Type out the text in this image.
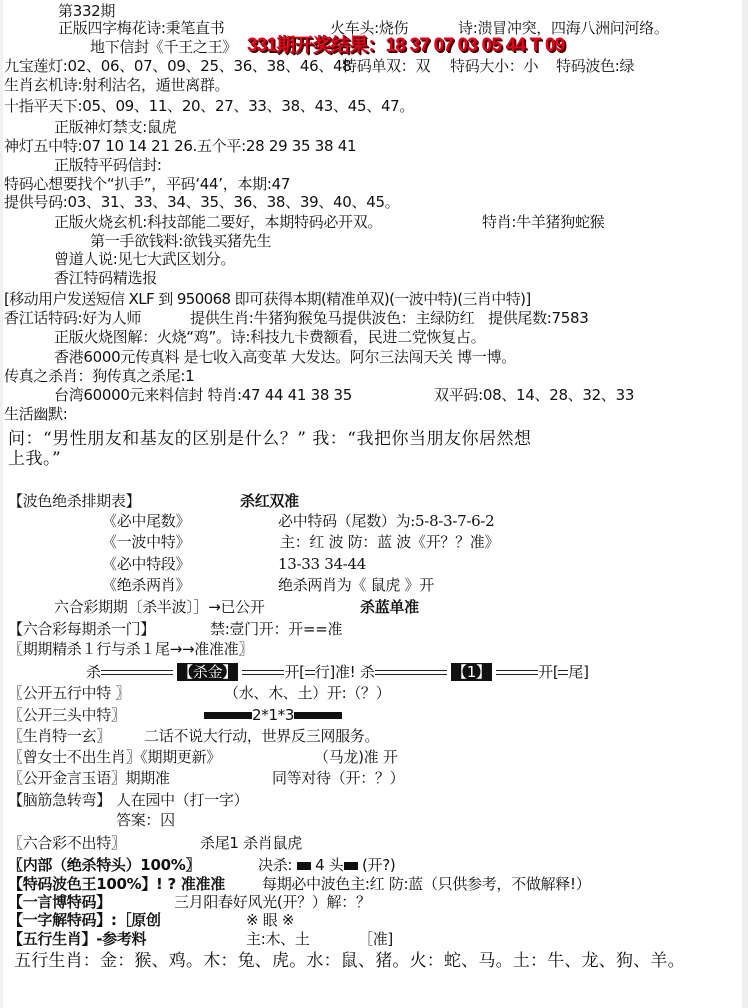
第332期
正版四字梅花诗:秉笔直书	火车头:烧伤	诗:溃冒冲突，四海八洲问河络。
地下信封《千王之王》 331期开奖结果：18 37 07 03 05 44 T 09
九宝莲灯:02、06、07、09、25、36、38、46、48
特码单双：双 特码大小：小 特码波色:绿
生肖玄机诗:射利沽名，遁世离群。
十指平天下:05、09、11、20、27、33、38、43、45、47。
正版神灯禁支:鼠虎
神灯五中特:07 10 14 21 26.五个平:28 29 35 38 41
正版特平码信封:
特码心想要找个“扒手”，平码‘44’，本期:47
提供号码:03、31、33、34、35、36、38、39、40、45。
正版火烧玄机:科技部能二要好，本期特码必开双。	特肖:牛羊猪狗蛇猴
第一手欲钱料:欲钱买猪先生
曾道人说:见七大武区划分。
香江特码精选报
[移动用户发送短信 XLF 到 950068 即可获得本期(精准单双)(一波中特)(三肖中特)]
香江话特码:好为人师	提供生肖:牛猪狗猴兔马 提供波色：主绿防红 提供尾数:7583
正版火烧图解：火烧“鸡”。诗:科技九卡费额看，民进二党恢复占。
香港6000元传真料 是七收入高变革 大发达。阿尔三法闯天关 博一博。
传真之杀肖：狗传真之杀尾:1
台湾60000元来料信封 特肖:47 44 41 38 35	双平码:08、14、28、32、33
生活幽默:
问：“男性朋友和基友的区别是什么？” 我：“我把你当朋友你居然想
上我。”
【波色绝杀排期表】	杀红双准
《必中尾数》	必中特码（尾数）为:5-8-3-7-6-2
《一波中特》	主：红 波 防：蓝 波《开？？准》
《必中特段》	13-33 34-44
《绝杀两肖》	绝杀两肖为《 鼠虎 》开
六合彩期期〔杀半波〕］→已公开	杀蓝单准
【六合彩每期杀一门】	禁:壹门开：开==准
〖期期精杀１行与杀１尾→→准准准〗
杀	【杀金】	开[ 行]准! 杀	【1】	开[ 尾]
〖公开五行中特 〗	（水、木、土）开:（？）
〖公开三头中特〗	2*1*3
〖生肖特一玄〗 二话不说大行动，世界反三网服务。
〖曾女士不出生肖〗《期期更新》	（马龙)准 开
〖公开金言玉语〗期期准	同等对待（开：？）
【脑筋急转弯】 人在园中（打一字）
答案：囚
〖六合彩不出特〗	杀尾1 杀肖鼠虎
〖内部（绝杀特头）100%〗	决杀: 4 头 (开?)
【特码波色王100%】! ? 准准准 每期必中波色主:红 防:蓝（只供参考，不做解释!）
【一言博特码】	三月阳春好风光(开？）解：？
【一字解特码】:［原创	※ 眼 ※
【五行生肖】-参考料	主:木、土	［准]
五行生肖：金：猴、鸡。木：兔、虎。水：鼠、猪。火：蛇、马。土：牛、龙、狗、羊。
